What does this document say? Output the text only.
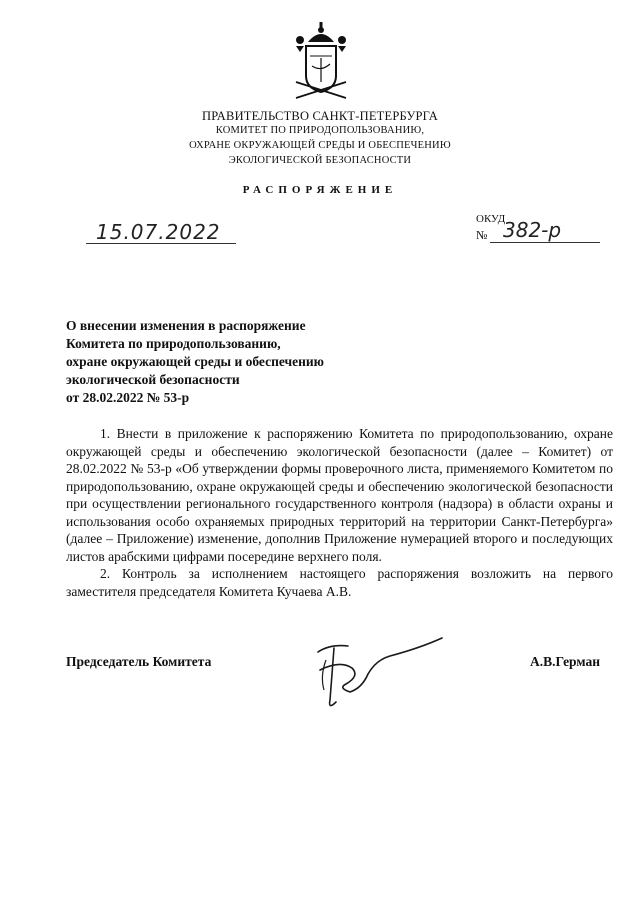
ПРАВИТЕЛЬСТВО САНКТ-ПЕТЕРБУРГА
КОМИТЕТ ПО ПРИРОДОПОЛЬЗОВАНИЮ,
ОХРАНЕ ОКРУЖАЮЩЕЙ СРЕДЫ И ОБЕСПЕЧЕНИЮ
ЭКОЛОГИЧЕСКОЙ БЕЗОПАСНОСТИ
РАСПОРЯЖЕНИЕ
15.07.2022
ОКУД
№ 382-р
О внесении изменения в распоряжение
Комитета по природопользованию,
охране окружающей среды и обеспечению
экологической безопасности
от 28.02.2022 № 53-р

1. Внести в приложение к распоряжению Комитета по природопользованию, охране окружающей среды и обеспечению экологической безопасности (далее – Комитет) от 28.02.2022 № 53-р «Об утверждении формы проверочного листа, применяемого Комитетом по природопользованию, охране окружающей среды и обеспечению экологической безопасности при осуществлении регионального государственного контроля (надзора) в области охраны и использования особо охраняемых природных территорий на территории Санкт-Петербурга» (далее – Приложение) изменение, дополнив Приложение нумерацией второго и последующих листов арабскими цифрами посередине верхнего поля.

2. Контроль за исполнением настоящего распоряжения возложить на первого заместителя председателя Комитета Кучаева А.В.

Председатель Комитета	А.В.Герман
